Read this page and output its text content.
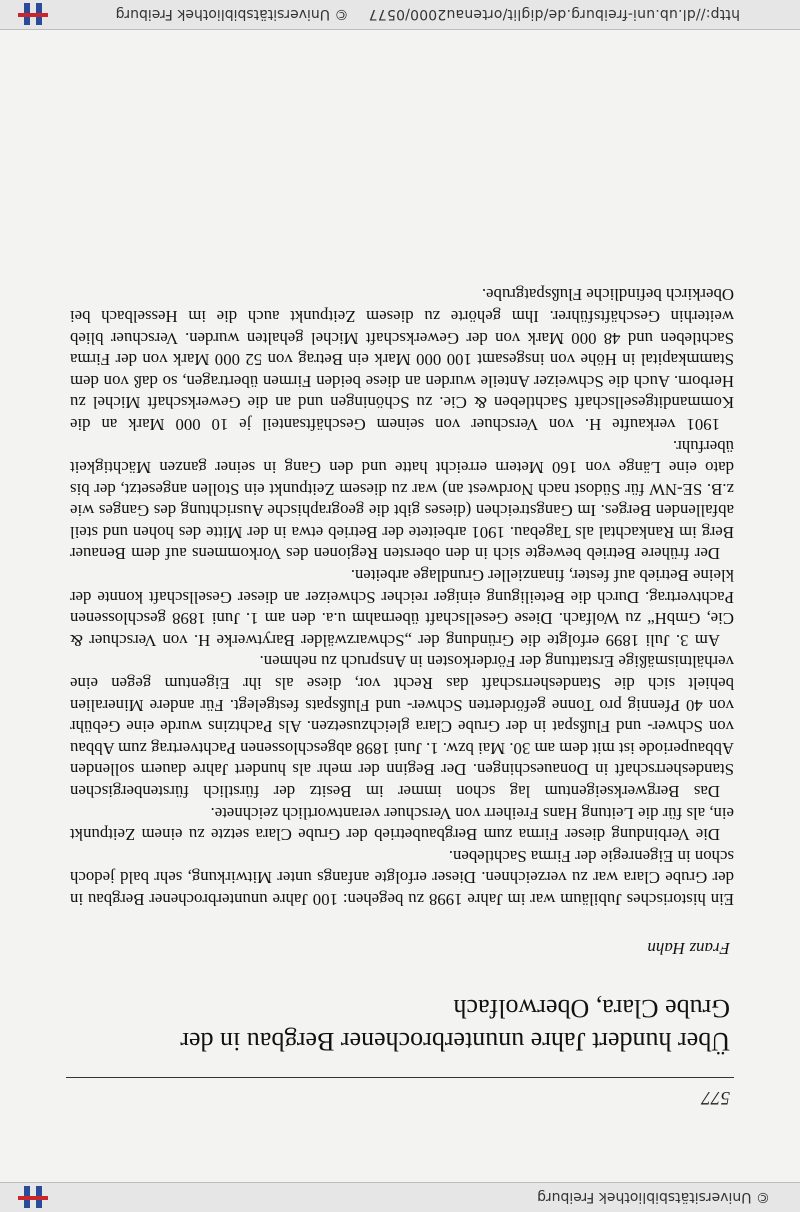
© Universitätsbibliothek Freiburg
577
Über hundert Jahre ununterbrochener Bergbau in der
Grube Clara, Oberwolfach
Franz Hahn

Ein historisches Jubiläum war im Jahre 1998 zu begehen: 100 Jahre ununterbrochener Bergbau in der Grube Clara war zu verzeichnen. Dieser erfolgte anfangs unter Mitwirkung, sehr bald jedoch schon in Eigenregie der Firma Sachtleben.

Die Verbindung dieser Firma zum Bergbaubetrieb der Grube Clara setzte zu einem Zeitpunkt ein, als für die Leitung Hans Freiherr von Verschuer verantwortlich zeichnete.

Das Bergwerkseigentum lag schon immer im Besitz der fürstlich fürstenbergischen Standesherrschaft in Donaueschingen. Der Beginn der mehr als hundert Jahre dauern sollenden Abbauperiode ist mit dem am 30. Mai bzw. 1. Juni 1898 abgeschlossenen Pachtvertrag zum Abbau von Schwer- und Flußspat in der Grube Clara gleichzusetzen. Als Pachtzins wurde eine Gebühr von 40 Pfennig pro Tonne geförderten Schwer- und Flußspats festgelegt. Für andere Mineralien behielt sich die Standesherrschaft das Recht vor, diese als ihr Eigentum gegen eine verhältnismäßige Erstattung der Förderkosten in Anspruch zu nehmen.

Am 3. Juli 1899 erfolgte die Gründung der „Schwarzwälder Barytwerke H. von Verschuer & Cie, GmbH“ zu Wolfach. Diese Gesellschaft übernahm u.a. den am 1. Juni 1898 geschlossenen Pachtvertrag. Durch die Beteiligung einiger reicher Schweizer an dieser Gesellschaft konnte der kleine Betrieb auf fester, finanzieller Grundlage arbeiten.

Der frühere Betrieb bewegte sich in den obersten Regionen des Vorkommens auf dem Benauer Berg im Rankachtal als Tagebau. 1901 arbeitete der Betrieb etwa in der Mitte des hohen und steil abfallenden Berges. Im Gangstreichen (dieses gibt die geographische Ausrichtung des Ganges wie z.B. SE-NW für Südost nach Nordwest an) war zu diesem Zeitpunkt ein Stollen angesetzt, der bis dato eine Länge von 160 Metern erreicht hatte und den Gang in seiner ganzen Mächtigkeit überfuhr.

1901 verkaufte H. von Verschuer von seinem Geschäftsanteil je 10 000 Mark an die Kommanditgesellschaft Sachtleben & Cie. zu Schöningen und an die Gewerkschaft Michel zu Herborn. Auch die Schweizer Anteile wurden an diese beiden Firmen übertragen, so daß von dem Stammkapital in Höhe von insgesamt 100 000 Mark ein Betrag von 52 000 Mark von der Firma Sachtleben und 48 000 Mark von der Gewerkschaft Michel gehalten wurden. Verschuer blieb weiterhin Geschäftsführer. Ihm gehörte zu diesem Zeitpunkt auch die im Hesselbach bei Oberkirch befindliche Flußspatgrube.

http://dl.ub.uni-freiburg.de/diglit/ortenau2000/0577
© Universitätsbibliothek Freiburg
